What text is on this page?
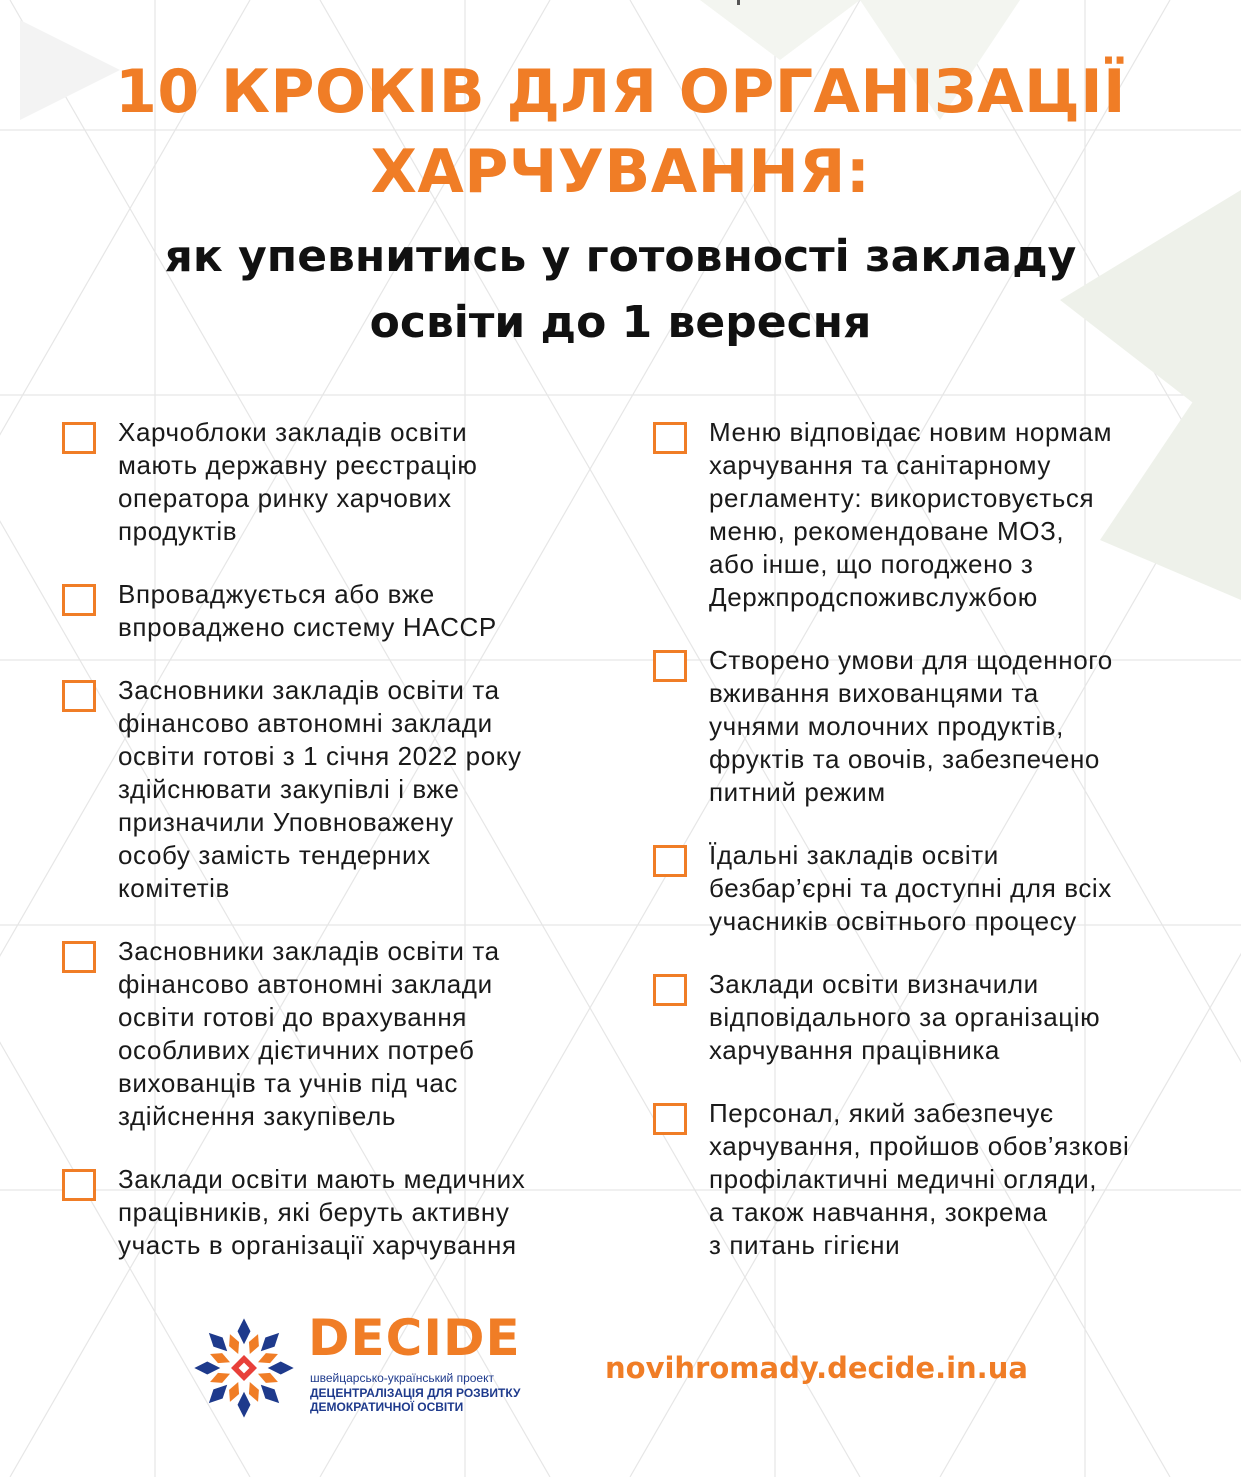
10 КРОКІВ ДЛЯ ОРГАНІЗАЦІЇ
ХАРЧУВАННЯ:
як упевнитись у готовності закладу
освіти до 1 вересня
Харчоблоки закладів освіти
мають державну реєстрацію
оператора ринку харчових
продуктів
Впроваджується або вже
впроваджено систему HACCP
Засновники закладів освіти та
фінансово автономні заклади
освіти готові з 1 січня 2022 року
здійснювати закупівлі і вже
призначили Уповноважену
особу замість тендерних
комітетів
Засновники закладів освіти та
фінансово автономні заклади
освіти готові до врахування
особливих дієтичних потреб
вихованців та учнів під час
здійснення закупівель
Заклади освіти мають медичних
працівників, які беруть активну
участь в організації харчування
Меню відповідає новим нормам
харчування та санітарному
регламенту: використовується
меню, рекомендоване МОЗ,
або інше, що погоджено з
Держпродспоживслужбою
Створено умови для щоденного
вживання вихованцями та
учнями молочних продуктів,
фруктів та овочів, забезпечено
питний режим
Їдальні закладів освіти
безбар’єрні та доступні для всіх
учасників освітнього процесу
Заклади освіти визначили
відповідального за організацію
харчування працівника
Персонал, який забезпечує
харчування, пройшов обов’язкові
профілактичні медичні огляди,
а також навчання, зокрема
з питань гігієни
DECIDE
швейцарсько-український проект
ДЕЦЕНТРАЛІЗАЦІЯ ДЛЯ РОЗВИТКУ
ДЕМОКРАТИЧНОЇ ОСВІТИ
novihromady.decide.in.ua
